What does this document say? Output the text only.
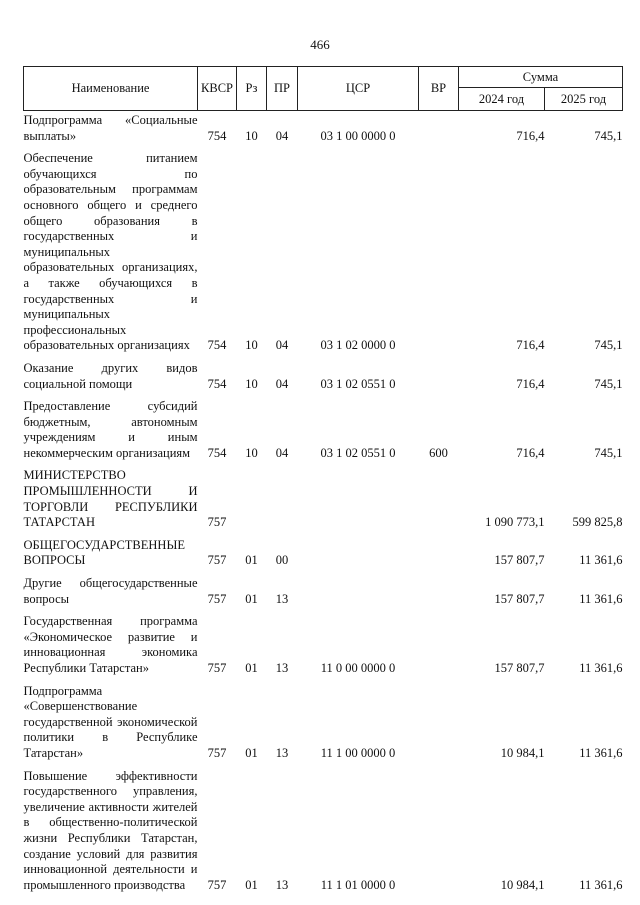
466
Наименование	КВСР	Рз	ПР	ЦСР	ВР	Сумма	
						2024 год	2025 год
Подпрограмма «Социальные выплаты»	754	10	04	03 1 00 0000 0		716,4	745,1
Обеспечение питанием обучающихся по образовательным программам основного общего и среднего общего образования в государственных и муниципальных образовательных организациях, а также обучающихся в государственных и муниципальных профессиональных образовательных организациях	754	10	04	03 1 02 0000 0		716,4	745,1
Оказание других видов социальной помощи	754	10	04	03 1 02 0551 0		716,4	745,1
Предоставление субсидий бюджетным, автономным учреждениям и иным некоммерческим организациям	754	10	04	03 1 02 0551 0	600	716,4	745,1
МИНИСТЕРСТВО ПРОМЫШЛЕННОСТИ И ТОРГОВЛИ РЕСПУБЛИКИ ТАТАРСТАН	757					1 090 773,1	599 825,8
ОБЩЕГОСУДАРСТВЕННЫЕ ВОПРОСЫ	757	01	00			157 807,7	11 361,6
Другие общегосударственные вопросы	757	01	13			157 807,7	11 361,6
Государственная программа «Экономическое развитие и инновационная экономика Республики Татарстан»	757	01	13	11 0 00 0000 0		157 807,7	11 361,6
Подпрограмма «Совершенствование государственной экономической политики в Республике Татарстан»	757	01	13	11 1 00 0000 0		10 984,1	11 361,6
Повышение эффективности государственного управления, увеличение активности жителей в общественно-политической жизни Республики Татарстан, создание условий для развития инновационной деятельности и промышленного производства	757	01	13	11 1 01 0000 0		10 984,1	11 361,6
